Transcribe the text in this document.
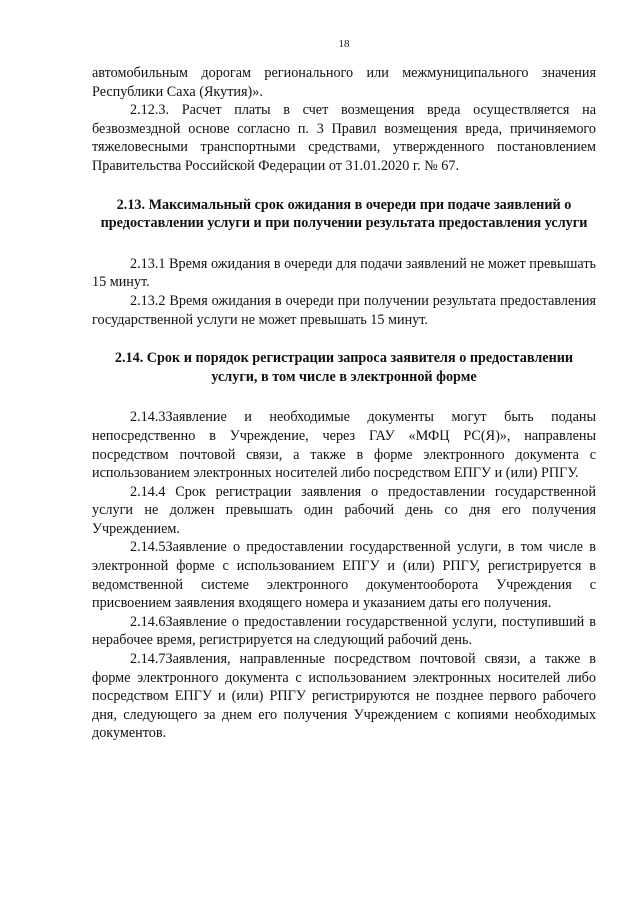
18

автомобильным дорогам регионального или межмуниципального значения Республики Саха (Якутия)».

2.12.3. Расчет платы в счет возмещения вреда осуществляется на безвозмездной основе согласно п. 3 Правил возмещения вреда, причиняемого тяжеловесными транспортными средствами, утвержденного постановлением Правительства Российской Федерации от 31.01.2020 г. № 67.

2.13. Максимальный срок ожидания в очереди при подаче заявлений о предоставлении услуги и при получении результата предоставления услуги

2.13.1 Время ожидания в очереди для подачи заявлений не может превышать 15 минут.

2.13.2 Время ожидания в очереди при получении результата предоставления государственной услуги не может превышать 15 минут.

2.14. Срок и порядок регистрации запроса заявителя о предоставлении услуги, в том числе в электронной форме

2.14.3Заявление и необходимые документы могут быть поданы непосредственно в Учреждение, через ГАУ «МФЦ РС(Я)», направлены посредством почтовой связи, а также в форме электронного документа с использованием электронных носителей либо посредством ЕПГУ и (или) РПГУ.

2.14.4 Срок регистрации заявления о предоставлении государственной услуги не должен превышать один рабочий день со дня его получения Учреждением.

2.14.5Заявление о предоставлении государственной услуги, в том числе в электронной форме с использованием ЕПГУ и (или) РПГУ, регистрируется в ведомственной системе электронного документооборота Учреждения с присвоением заявления входящего номера и указанием даты его получения.

2.14.6Заявление о предоставлении государственной услуги, поступивший в нерабочее время, регистрируется на следующий рабочий день.

2.14.7Заявления, направленные посредством почтовой связи, а также в форме электронного документа с использованием электронных носителей либо посредством ЕПГУ и (или) РПГУ регистрируются не позднее первого рабочего дня, следующего за днем его получения Учреждением с копиями необходимых документов.
